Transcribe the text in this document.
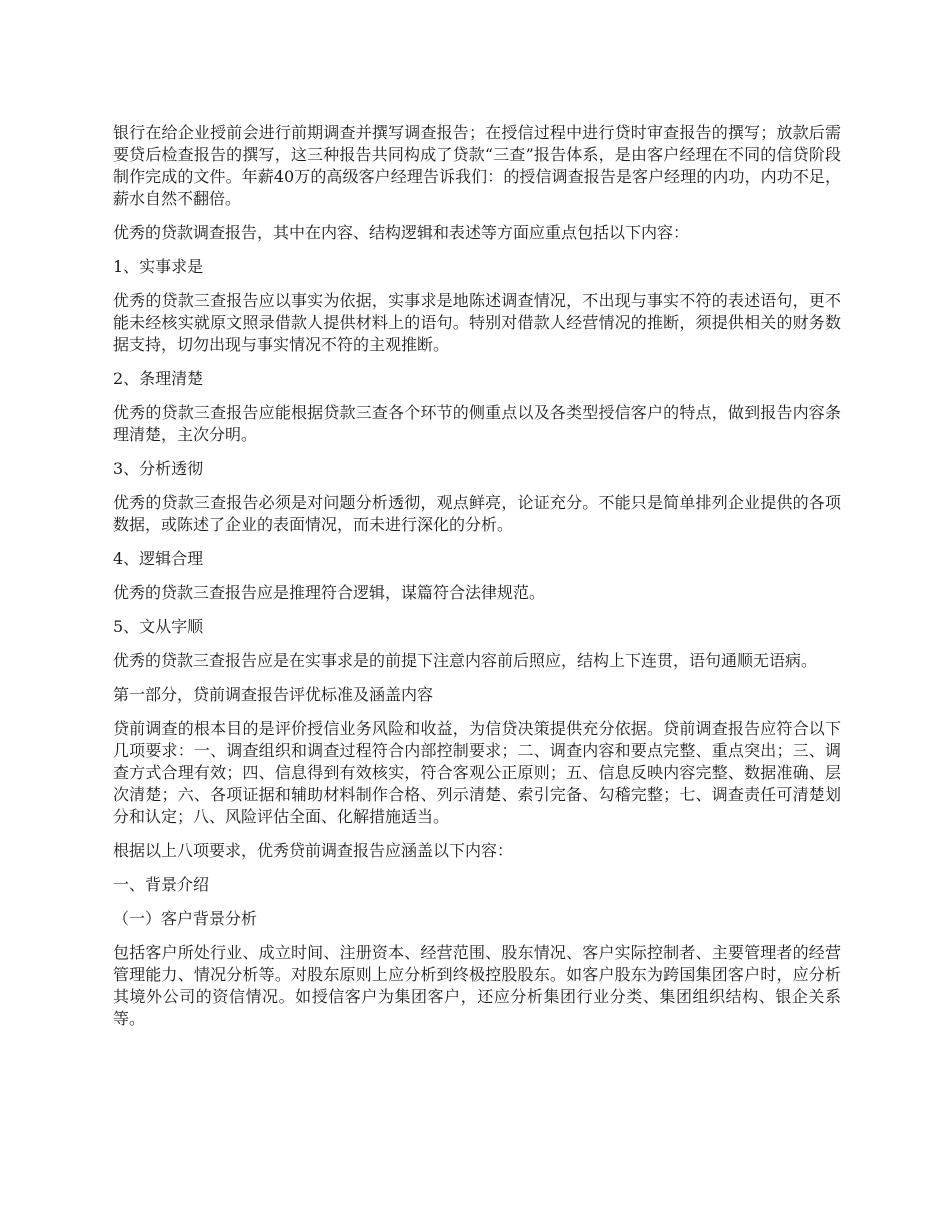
银行在给企业授前会进行前期调查并撰写调查报告；在授信过程中进行贷时审查报告的撰写；放款后需要贷后检查报告的撰写，这三种报告共同构成了贷款“三查”报告体系，是由客户经理在不同的信贷阶段制作完成的文件。年薪40万的高级客户经理告诉我们：的授信调查报告是客户经理的内功，内功不足，薪水自然不翻倍。

优秀的贷款调查报告，其中在内容、结构逻辑和表述等方面应重点包括以下内容：

1、实事求是

优秀的贷款三查报告应以事实为依据，实事求是地陈述调查情况，不出现与事实不符的表述语句，更不能未经核实就原文照录借款人提供材料上的语句。特别对借款人经营情况的推断，须提供相关的财务数据支持，切勿出现与事实情况不符的主观推断。

2、条理清楚

优秀的贷款三查报告应能根据贷款三查各个环节的侧重点以及各类型授信客户的特点，做到报告内容条理清楚，主次分明。

3、分析透彻

优秀的贷款三查报告必须是对问题分析透彻，观点鲜亮，论证充分。不能只是简单排列企业提供的各项数据，或陈述了企业的表面情况，而未进行深化的分析。

4、逻辑合理

优秀的贷款三查报告应是推理符合逻辑，谋篇符合法律规范。

5、文从字顺

优秀的贷款三查报告应是在实事求是的前提下注意内容前后照应，结构上下连贯，语句通顺无语病。

第一部分，贷前调查报告评优标准及涵盖内容

贷前调查的根本目的是评价授信业务风险和收益，为信贷决策提供充分依据。贷前调查报告应符合以下几项要求：一、调查组织和调查过程符合内部控制要求；二、调查内容和要点完整、重点突出；三、调查方式合理有效；四、信息得到有效核实，符合客观公正原则；五、信息反映内容完整、数据准确、层次清楚；六、各项证据和辅助材料制作合格、列示清楚、索引完备、勾稽完整；七、调查责任可清楚划分和认定；八、风险评估全面、化解措施适当。

根据以上八项要求，优秀贷前调查报告应涵盖以下内容：

一、背景介绍

（一）客户背景分析

包括客户所处行业、成立时间、注册资本、经营范围、股东情况、客户实际控制者、主要管理者的经营管理能力、情况分析等。对股东原则上应分析到终极控股股东。如客户股东为跨国集团客户时，应分析其境外公司的资信情况。如授信客户为集团客户，还应分析集团行业分类、集团组织结构、银企关系等。
